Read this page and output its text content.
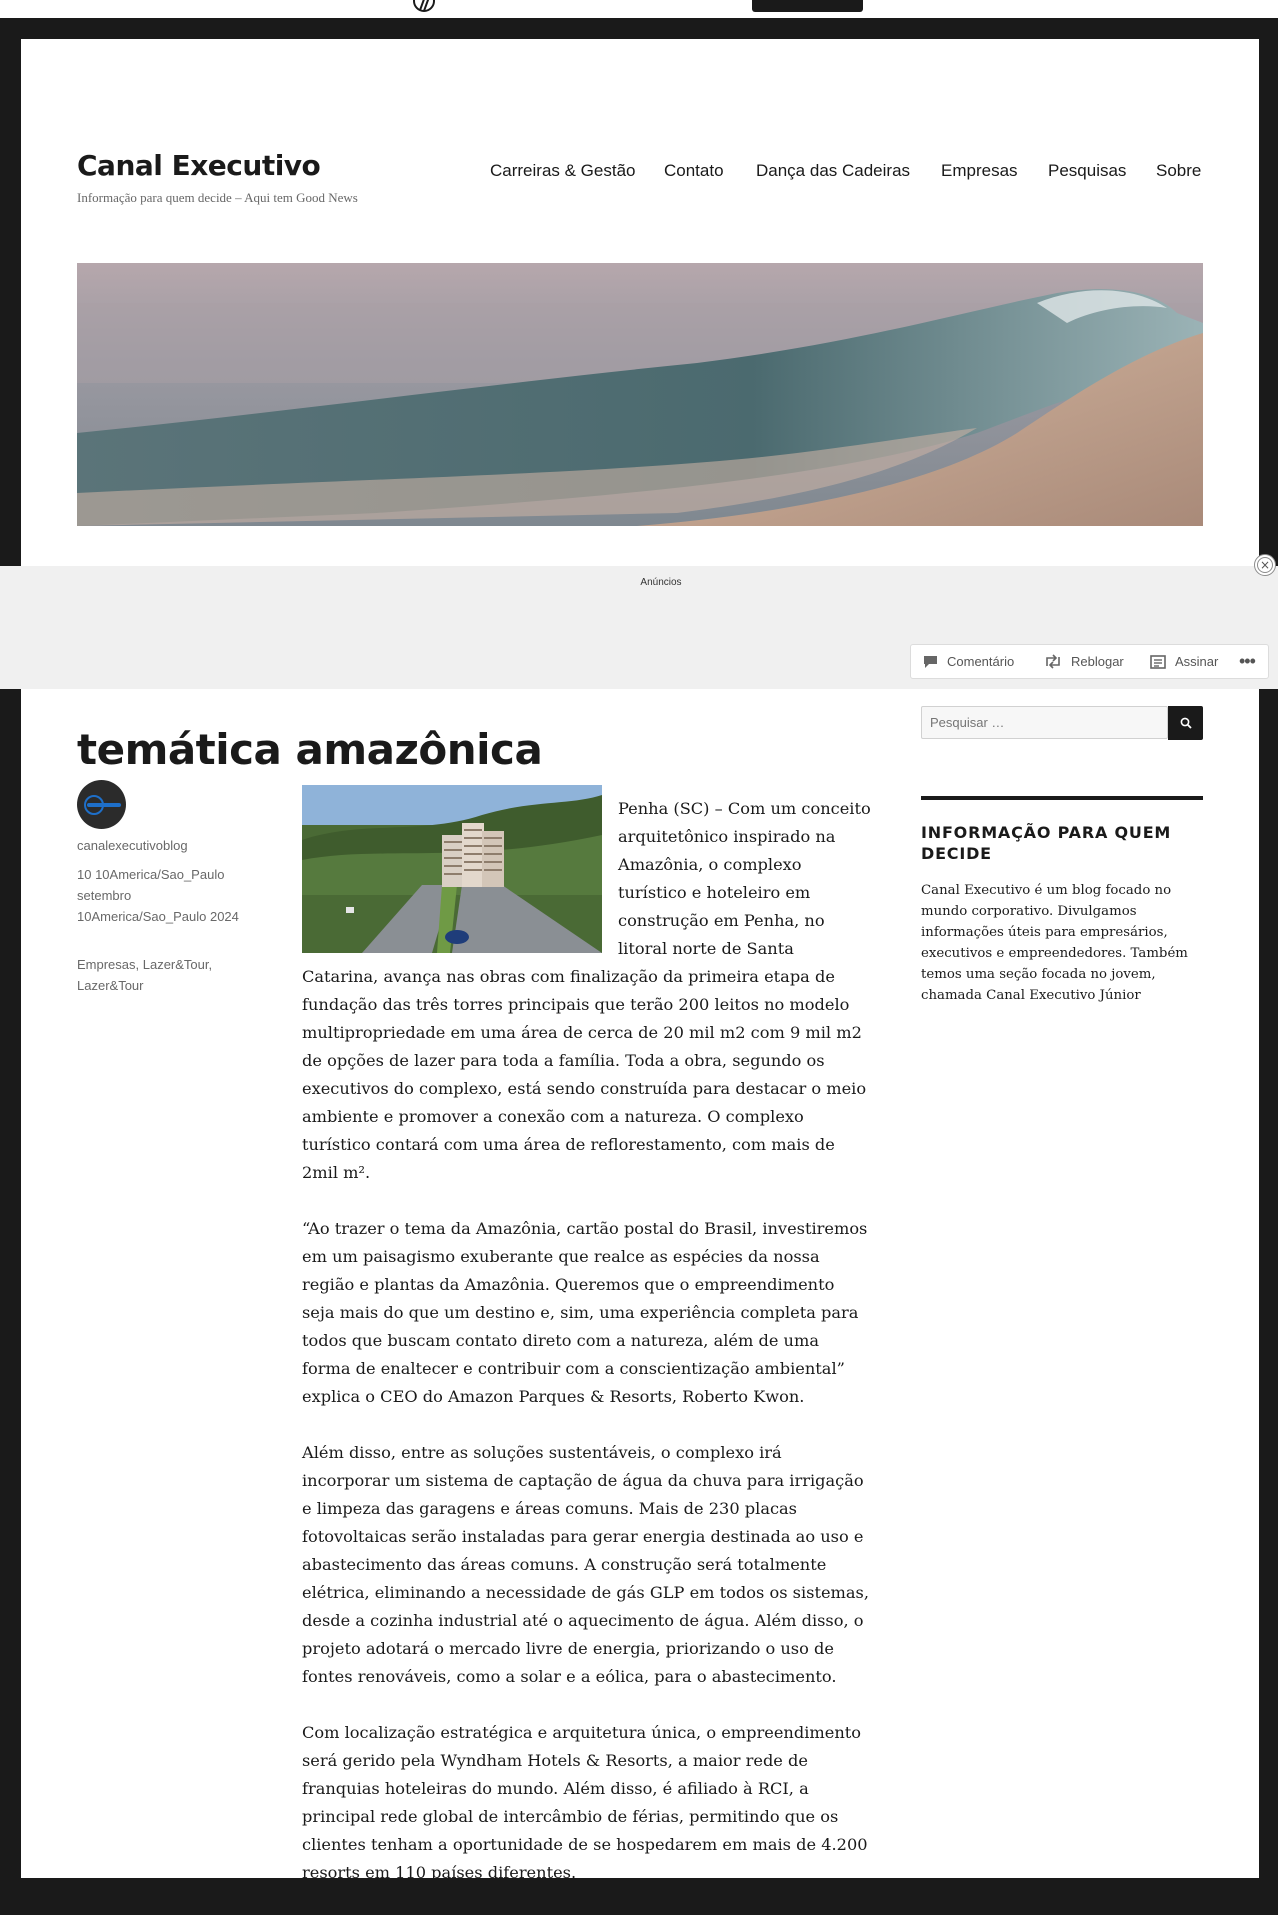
Canal Executivo
Informação para quem decide – Aqui tem Good News
Carreiras & Gestão Contato Dança das Cadeiras Empresas Pesquisas Sobre
temática amazônica
canalexecutivoblog
10 10America/Sao_Paulo setembro 10America/Sao_Paulo 2024
Empresas, Lazer&Tour, Lazer&Tour

Penha (SC) – Com um conceito arquitetônico inspirado na Amazônia, o complexo turístico e hoteleiro em construção em Penha, no litoral norte de Santa Catarina, avança nas obras com finalização da primeira etapa de fundação das três torres principais que terão 200 leitos no modelo multipropriedade em uma área de cerca de 20 mil m2 com 9 mil m2 de opções de lazer para toda a família. Toda a obra, segundo os executivos do complexo, está sendo construída para destacar o meio ambiente e promover a conexão com a natureza. O complexo turístico contará com uma área de reflorestamento, com mais de 2mil m².

“Ao trazer o tema da Amazônia, cartão postal do Brasil, investiremos em um paisagismo exuberante que realce as espécies da nossa região e plantas da Amazônia. Queremos que o empreendimento seja mais do que um destino e, sim, uma experiência completa para todos que buscam contato direto com a natureza, além de uma forma de enaltecer e contribuir com a conscientização ambiental” explica o CEO do Amazon Parques & Resorts, Roberto Kwon.

Além disso, entre as soluções sustentáveis, o complexo irá incorporar um sistema de captação de água da chuva para irrigação e limpeza das garagens e áreas comuns. Mais de 230 placas fotovoltaicas serão instaladas para gerar energia destinada ao uso e abastecimento das áreas comuns. A construção será totalmente elétrica, eliminando a necessidade de gás GLP em todos os sistemas, desde a cozinha industrial até o aquecimento de água. Além disso, o projeto adotará o mercado livre de energia, priorizando o uso de fontes renováveis, como a solar e a eólica, para o abastecimento.

Com localização estratégica e arquitetura única, o empreendimento será gerido pela Wyndham Hotels & Resorts, a maior rede de franquias hoteleiras do mundo. Além disso, é afiliado à RCI, a principal rede global de intercâmbio de férias, permitindo que os clientes tenham a oportunidade de se hospedarem em mais de 4.200 resorts em 110 países diferentes.

Pesquisar …
INFORMAÇÃO PARA QUEM DECIDE

Canal Executivo é um blog focado no mundo corporativo. Divulgamos informações úteis para empresários, executivos e empreendedores. Também temos uma seção focada no jovem, chamada Canal Executivo Júnior

Anúncios
×
Comentário	Reblogar	Assinar •••
